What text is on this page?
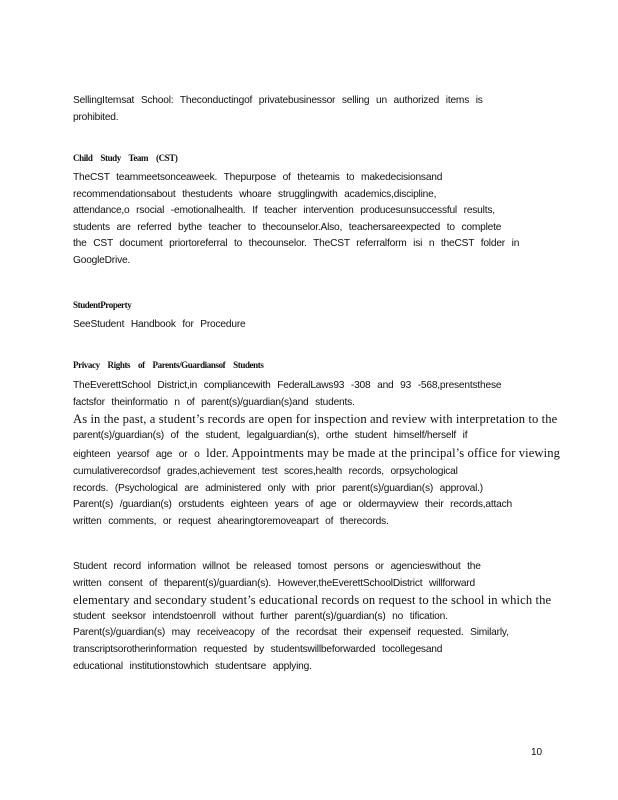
SellingItemsat School: Theconductingof privatebusinessor selling un authorized items is
prohibited.
Child Study Team (CST)
TheCST teammeetsonceaweek. Thepurpose of theteamis to makedecisionsand
recommendationsabout thestudents whoare strugglingwith academics,discipline,
attendance,o rsocial -emotionalhealth. If teacher intervention producesunsuccessful results,
students are referred bythe teacher to thecounselor.Also, teachersareexpected to complete
the CST document priortoreferral to thecounselor. TheCST referralform isi n theCST folder in
GoogleDrive.
StudentProperty
SeeStudent Handbook for Procedure
Privacy Rights of Parents/Guardiansof Students
TheEverettSchool District,in compliancewith FederalLaws93 -308 and 93 -568,presentsthese
factsfor theinformatio n of parent(s)/guardian(s)and students.
As in the past, a student’s records are open for inspection and review with interpretation to the
parent(s)/guardian(s) of the student, legalguardian(s), orthe student himself/herself if
eighteen yearsof age or o lder. Appointments may be made at the principal’s office for viewing
cumulativerecordsof grades,achievement test scores,health records, orpsychological
records. (Psychological are administered only with prior parent(s)/guardian(s) approval.)
Parent(s) /guardian(s) orstudents eighteen years of age or oldermayview their records,attach
written comments, or request ahearingtoremoveapart of therecords.
Student record information willnot be released tomost persons or agencieswithout the
written consent of theparent(s)/guardian(s). However,theEverettSchoolDistrict willforward
elementary and secondary student’s educational records on request to the school in which the
student seeksor intendstoenroll without further parent(s)/guardian(s) no tification.
Parent(s)/guardian(s) may receiveacopy of the recordsat their expenseif requested. Similarly,
transcriptsorotherinformation requested by studentswillbeforwarded tocollegesand
educational institutionstowhich studentsare applying.
10
